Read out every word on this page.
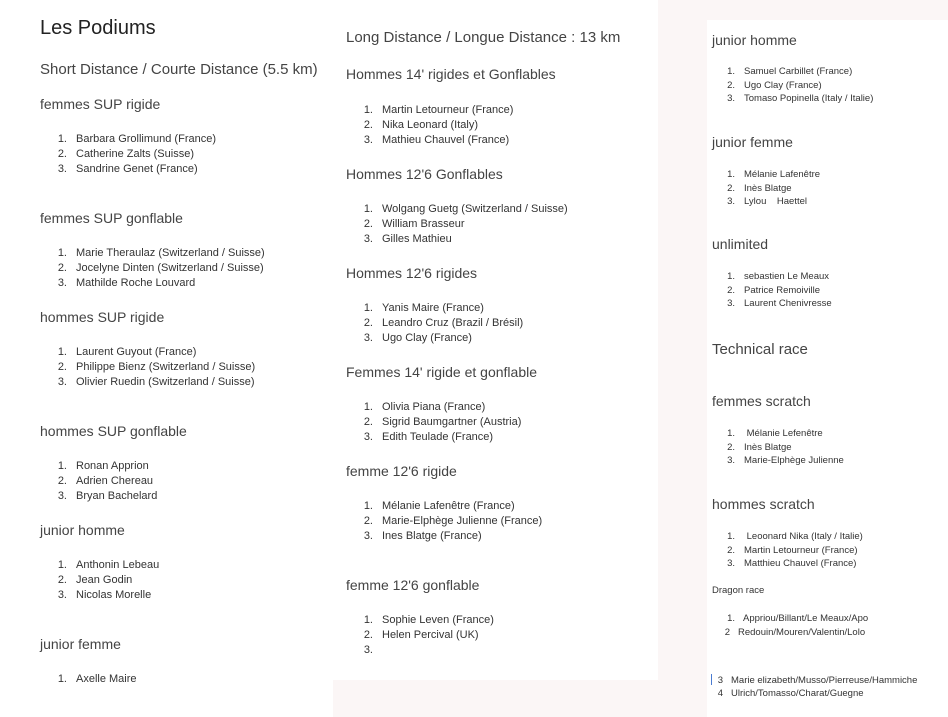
Les Podiums
Short Distance / Courte Distance (5.5 km)
femmes SUP rigide
1. Barbara Grollimund (France)
2. Catherine Zalts (Suisse)
3. Sandrine Genet (France)
femmes SUP gonflable
1. Marie Theraulaz (Switzerland / Suisse)
2. Jocelyne Dinten (Switzerland / Suisse)
3. Mathilde Roche Louvard
hommes SUP rigide
1. Laurent Guyout (France)
2. Philippe Bienz (Switzerland / Suisse)
3. Olivier Ruedin (Switzerland / Suisse)
hommes SUP gonflable
1. Ronan Apprion
2. Adrien Chereau
3. Bryan Bachelard
junior homme
1. Anthonin Lebeau
2. Jean Godin
3. Nicolas Morelle
junior femme
1. Axelle Maire
Long Distance / Longue Distance : 13 km
Hommes 14' rigides et Gonflables
1. Martin Letourneur (France)
2. Nika Leonard (Italy)
3. Mathieu Chauvel (France)
Hommes 12'6 Gonflables
1. Wolgang Guetg (Switzerland / Suisse)
2. William Brasseur
3. Gilles Mathieu
Hommes 12'6 rigides
1. Yanis Maire (France)
2. Leandro Cruz (Brazil / Brésil)
3. Ugo Clay (France)
Femmes 14' rigide et gonflable
1. Olivia Piana (France)
2. Sigrid Baumgartner (Austria)
3. Edith Teulade (France)
femme 12'6 rigide
1. Mélanie Lafenêtre (France)
2. Marie-Elphège Julienne (France)
3. Ines Blatge (France)
femme 12'6 gonflable
1. Sophie Leven (France)
2. Helen Percival (UK)
3.
junior homme
1. Samuel Carbillet (France)
2. Ugo Clay (France)
3. Tomaso Popinella (Italy / Italie)
junior femme
1. Mélanie Lafenêtre
2. Inès Blatge
3. Lylou    Haettel
unlimited
1. sebastien Le Meaux
2. Patrice Remoiville
3. Laurent Chenivresse
Technical race
femmes scratch
1. Mélanie Lefenêtre
2. Inès Blatge
3. Marie-Elphège Julienne
hommes scratch
1. Leoonard Nika (Italy / Italie)
2. Martin Letourneur (France)
3. Matthieu Chauvel (France)
Dragon race
1. Appriou/Billant/Le Meaux/Apo
2 Redouin/Mouren/Valentin/Lolo
3 Marie elizabeth/Musso/Pierreuse/Hammiche
4 Ulrich/Tomasso/Charat/Guegne
